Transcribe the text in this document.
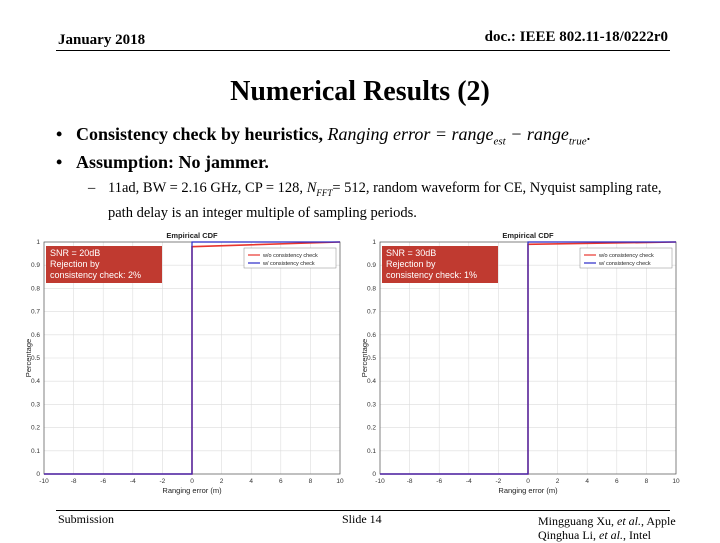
January 2018	doc.: IEEE 802.11-18/0222r0
Numerical Results (2)
• Consistency check by heuristics, Ranging error = range$_{est}$ − range$_{true}$.
• Assumption: No jammer.
– 11ad, BW = 2.16 GHz, CP = 128, $N_{FFT}= 512$, random waveform for CE, Nyquist sampling rate, path delay is an integer multiple of sampling periods.
-10	-8	-6	-4	-2	0	2	4	6	8	10
0
0.1
0.2
0.3
0.4
0.5
0.6
0.7
0.8
0.9
1
Empirical CDF
Ranging error (m)
Percentage
w/o consistency check
w/ consistency check
SNR = 20dB
Rejection by
consistency check: 2%
-10	-8	-6	-4	-2	0	2	4	6	8	10
0
0.1
0.2
0.3
0.4
0.5
0.6
0.7
0.8
0.9
1
Empirical CDF
Ranging error (m)
Percentage
w/o consistency check
w/ consistency check
SNR = 30dB
Rejection by
consistency check: 1%
Submission	Slide 14	Mingguang Xu, et al., Apple
Qinghua Li, et al., Intel
